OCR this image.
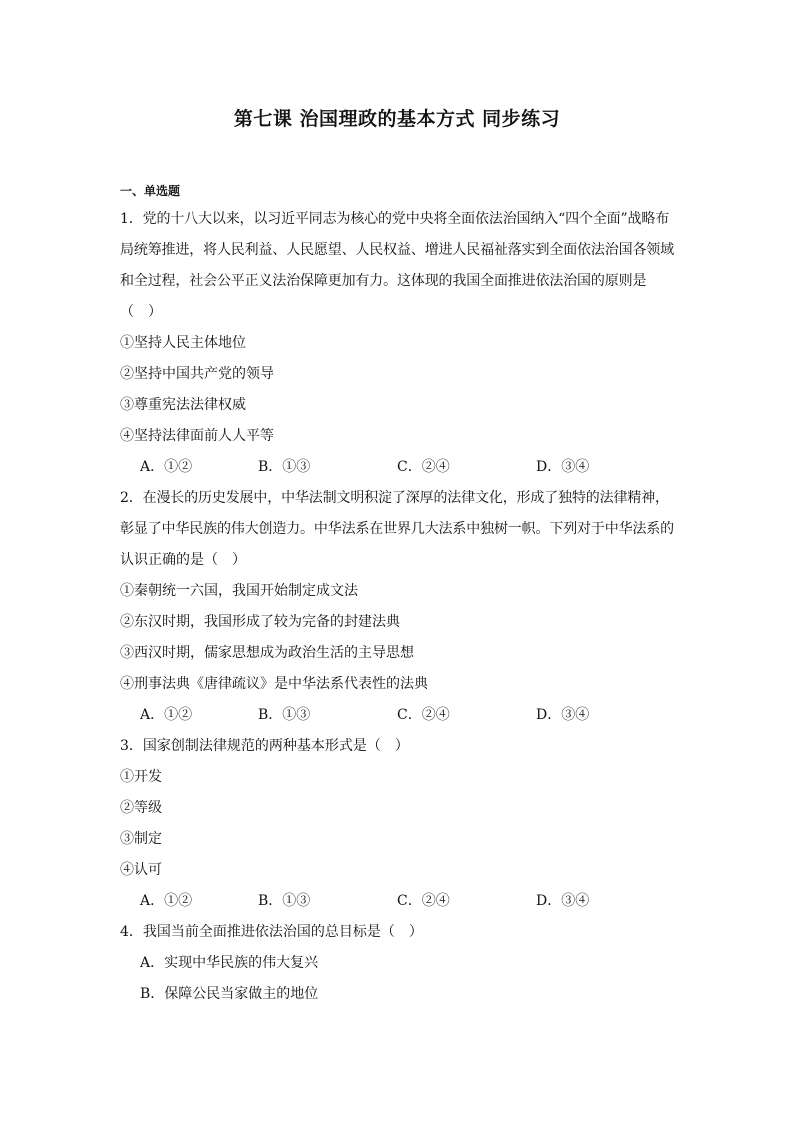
第七课 治国理政的基本方式 同步练习
一、单选题
1．党的十八大以来，以习近平同志为核心的党中央将全面依法治国纳入“四个全面”战略布
局统筹推进，将人民利益、人民愿望、人民权益、增进人民福祉落实到全面依法治国各领域
和全过程，社会公平正义法治保障更加有力。这体现的我国全面推进依法治国的原则是
（　）
①坚持人民主体地位
②坚持中国共产党的领导
③尊重宪法法律权威
④坚持法律面前人人平等
A．①②	B．①③	C．②④	D．③④
2．在漫长的历史发展中，中华法制文明积淀了深厚的法律文化，形成了独特的法律精神，
彰显了中华民族的伟大创造力。中华法系在世界几大法系中独树一帜。下列对于中华法系的
认识正确的是（　）
①秦朝统一六国，我国开始制定成文法
②东汉时期，我国形成了较为完备的封建法典
③西汉时期，儒家思想成为政治生活的主导思想
④刑事法典《唐律疏议》是中华法系代表性的法典
A．①②	B．①③	C．②④	D．③④
3．国家创制法律规范的两种基本形式是（　）
①开发
②等级
③制定
④认可
A．①②	B．①③	C．②④	D．③④
4．我国当前全面推进依法治国的总目标是（　）
A．实现中华民族的伟大复兴
B．保障公民当家做主的地位
